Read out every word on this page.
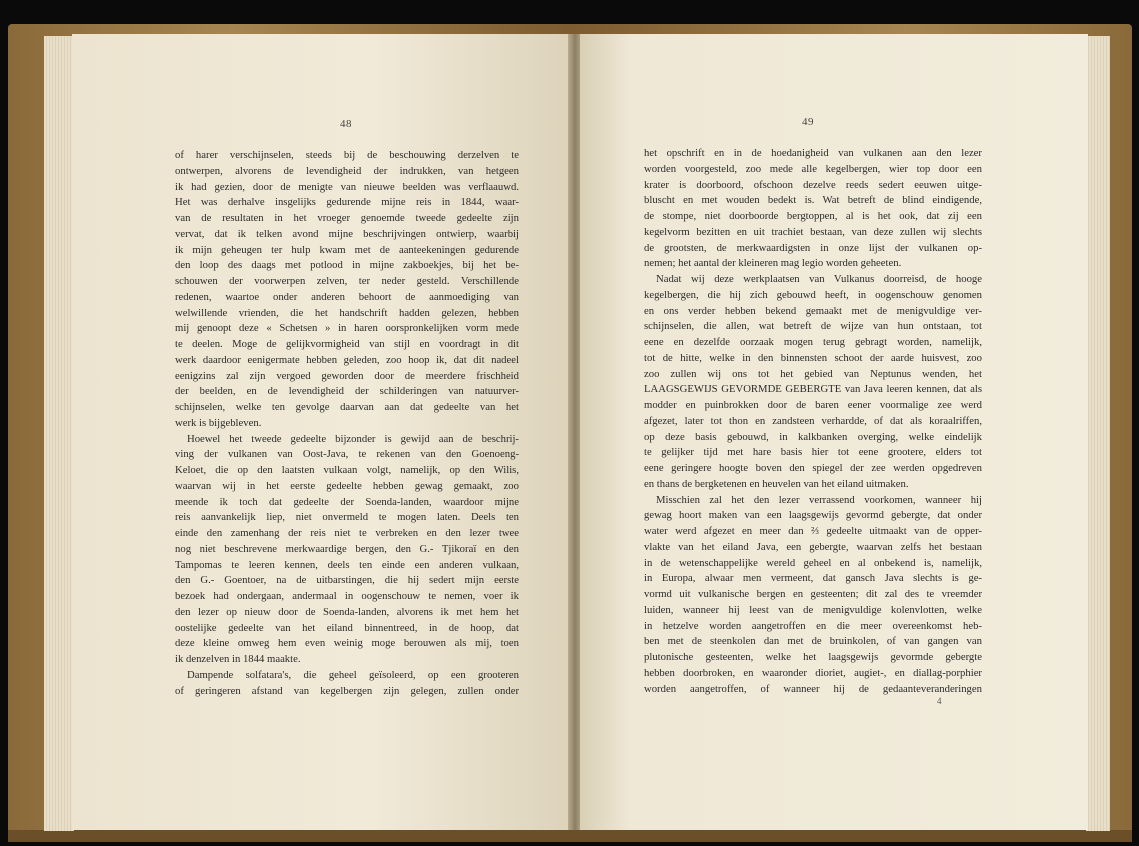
48
of harer verschijnselen, steeds bij de beschouwing derzelven te
ontwerpen, alvorens de levendigheid der indrukken, van hetgeen
ik had gezien, door de menigte van nieuwe beelden was verflaauwd.
Het was derhalve insgelijks gedurende mijne reis in 1844, waar-
van de resultaten in het vroeger genoemde tweede gedeelte zijn
vervat, dat ik telken avond mijne beschrijvingen ontwierp, waarbij
ik mijn geheugen ter hulp kwam met de aanteekeningen gedurende
den loop des daags met potlood in mijne zakboekjes, bij het be-
schouwen der voorwerpen zelven, ter neder gesteld. Verschillende
redenen, waartoe onder anderen behoort de aanmoediging van
welwillende vrienden, die het handschrift hadden gelezen, hebben
mij genoopt deze « Schetsen » in haren oorspronkelijken vorm mede
te deelen. Moge de gelijkvormigheid van stijl en voordragt in dit
werk daardoor eenigermate hebben geleden, zoo hoop ik, dat dit nadeel
eenigzins zal zijn vergoed geworden door de meerdere frischheid
der beelden, en de levendigheid der schilderingen van natuurver-
schijnselen, welke ten gevolge daarvan aan dat gedeelte van het
werk is bijgebleven.
Hoewel het tweede gedeelte bijzonder is gewijd aan de beschrij-
ving der vulkanen van Oost-Java, te rekenen van den Goenoeng-
Keloet, die op den laatsten vulkaan volgt, namelijk, op den Wilis,
waarvan wij in het eerste gedeelte hebben gewag gemaakt, zoo
meende ik toch dat gedeelte der Soenda-landen, waardoor mijne
reis aanvankelijk liep, niet onvermeld te mogen laten. Deels ten
einde den zamenhang der reis niet te verbreken en den lezer twee
nog niet beschrevene merkwaardige bergen, den G.- Tjikoraï en den
Tampomas te leeren kennen, deels ten einde een anderen vulkaan,
den G.- Goentoer, na de uitbarstingen, die hij sedert mijn eerste
bezoek had ondergaan, andermaal in oogenschouw te nemen, voer ik
den lezer op nieuw door de Soenda-landen, alvorens ik met hem het
oostelijke gedeelte van het eiland binnentreed, in de hoop, dat
deze kleine omweg hem even weinig moge berouwen als mij, toen
ik denzelven in 1844 maakte.
Dampende solfatara's, die geheel geïsoleerd, op een grooteren
of geringeren afstand van kegelbergen zijn gelegen, zullen onder
49
het opschrift en in de hoedanigheid van vulkanen aan den lezer
worden voorgesteld, zoo mede alle kegelbergen, wier top door een
krater is doorboord, ofschoon dezelve reeds sedert eeuwen uitge-
bluscht en met wouden bedekt is. Wat betreft de blind eindigende,
de stompe, niet doorboorde bergtoppen, al is het ook, dat zij een
kegelvorm bezitten en uit trachiet bestaan, van deze zullen wij slechts
de grootsten, de merkwaardigsten in onze lijst der vulkanen op-
nemen; het aantal der kleineren mag legio worden geheeten.
Nadat wij deze werkplaatsen van Vulkanus doorreisd, de hooge
kegelbergen, die hij zich gebouwd heeft, in oogenschouw genomen
en ons verder hebben bekend gemaakt met de menigvuldige ver-
schijnselen, die allen, wat betreft de wijze van hun ontstaan, tot
eene en dezelfde oorzaak mogen terug gebragt worden, namelijk,
tot de hitte, welke in den binnensten schoot der aarde huisvest, zoo
zoo zullen wij ons tot het gebied van Neptunus wenden, het
LAAGSGEWIJS GEVORMDE GEBERGTE van Java leeren kennen, dat als
modder en puinbrokken door de baren eener voormalige zee werd
afgezet, later tot thon en zandsteen verhardde, of dat als koraalriffen,
op deze basis gebouwd, in kalkbanken overging, welke eindelijk
te gelijker tijd met hare basis hier tot eene grootere, elders tot
eene geringere hoogte boven den spiegel der zee werden opgedreven
en thans de bergketenen en heuvelen van het eiland uitmaken.
Misschien zal het den lezer verrassend voorkomen, wanneer hij
gewag hoort maken van een laagsgewijs gevormd gebergte, dat onder
water werd afgezet en meer dan ⅔ gedeelte uitmaakt van de opper-
vlakte van het eiland Java, een gebergte, waarvan zelfs het bestaan
in de wetenschappelijke wereld geheel en al onbekend is, namelijk,
in Europa, alwaar men vermeent, dat gansch Java slechts is ge-
vormd uit vulkanische bergen en gesteenten; dit zal des te vreemder
luiden, wanneer hij leest van de menigvuldige kolenvlotten, welke
in hetzelve worden aangetroffen en die meer overeenkomst heb-
ben met de steenkolen dan met de bruinkolen, of van gangen van
plutonische gesteenten, welke het laagsgewijs gevormde gebergte
hebben doorbroken, en waaronder dioriet, augiet-, en diallag-porphier
worden aangetroffen, of wanneer hij de gedaanteveranderingen
4
